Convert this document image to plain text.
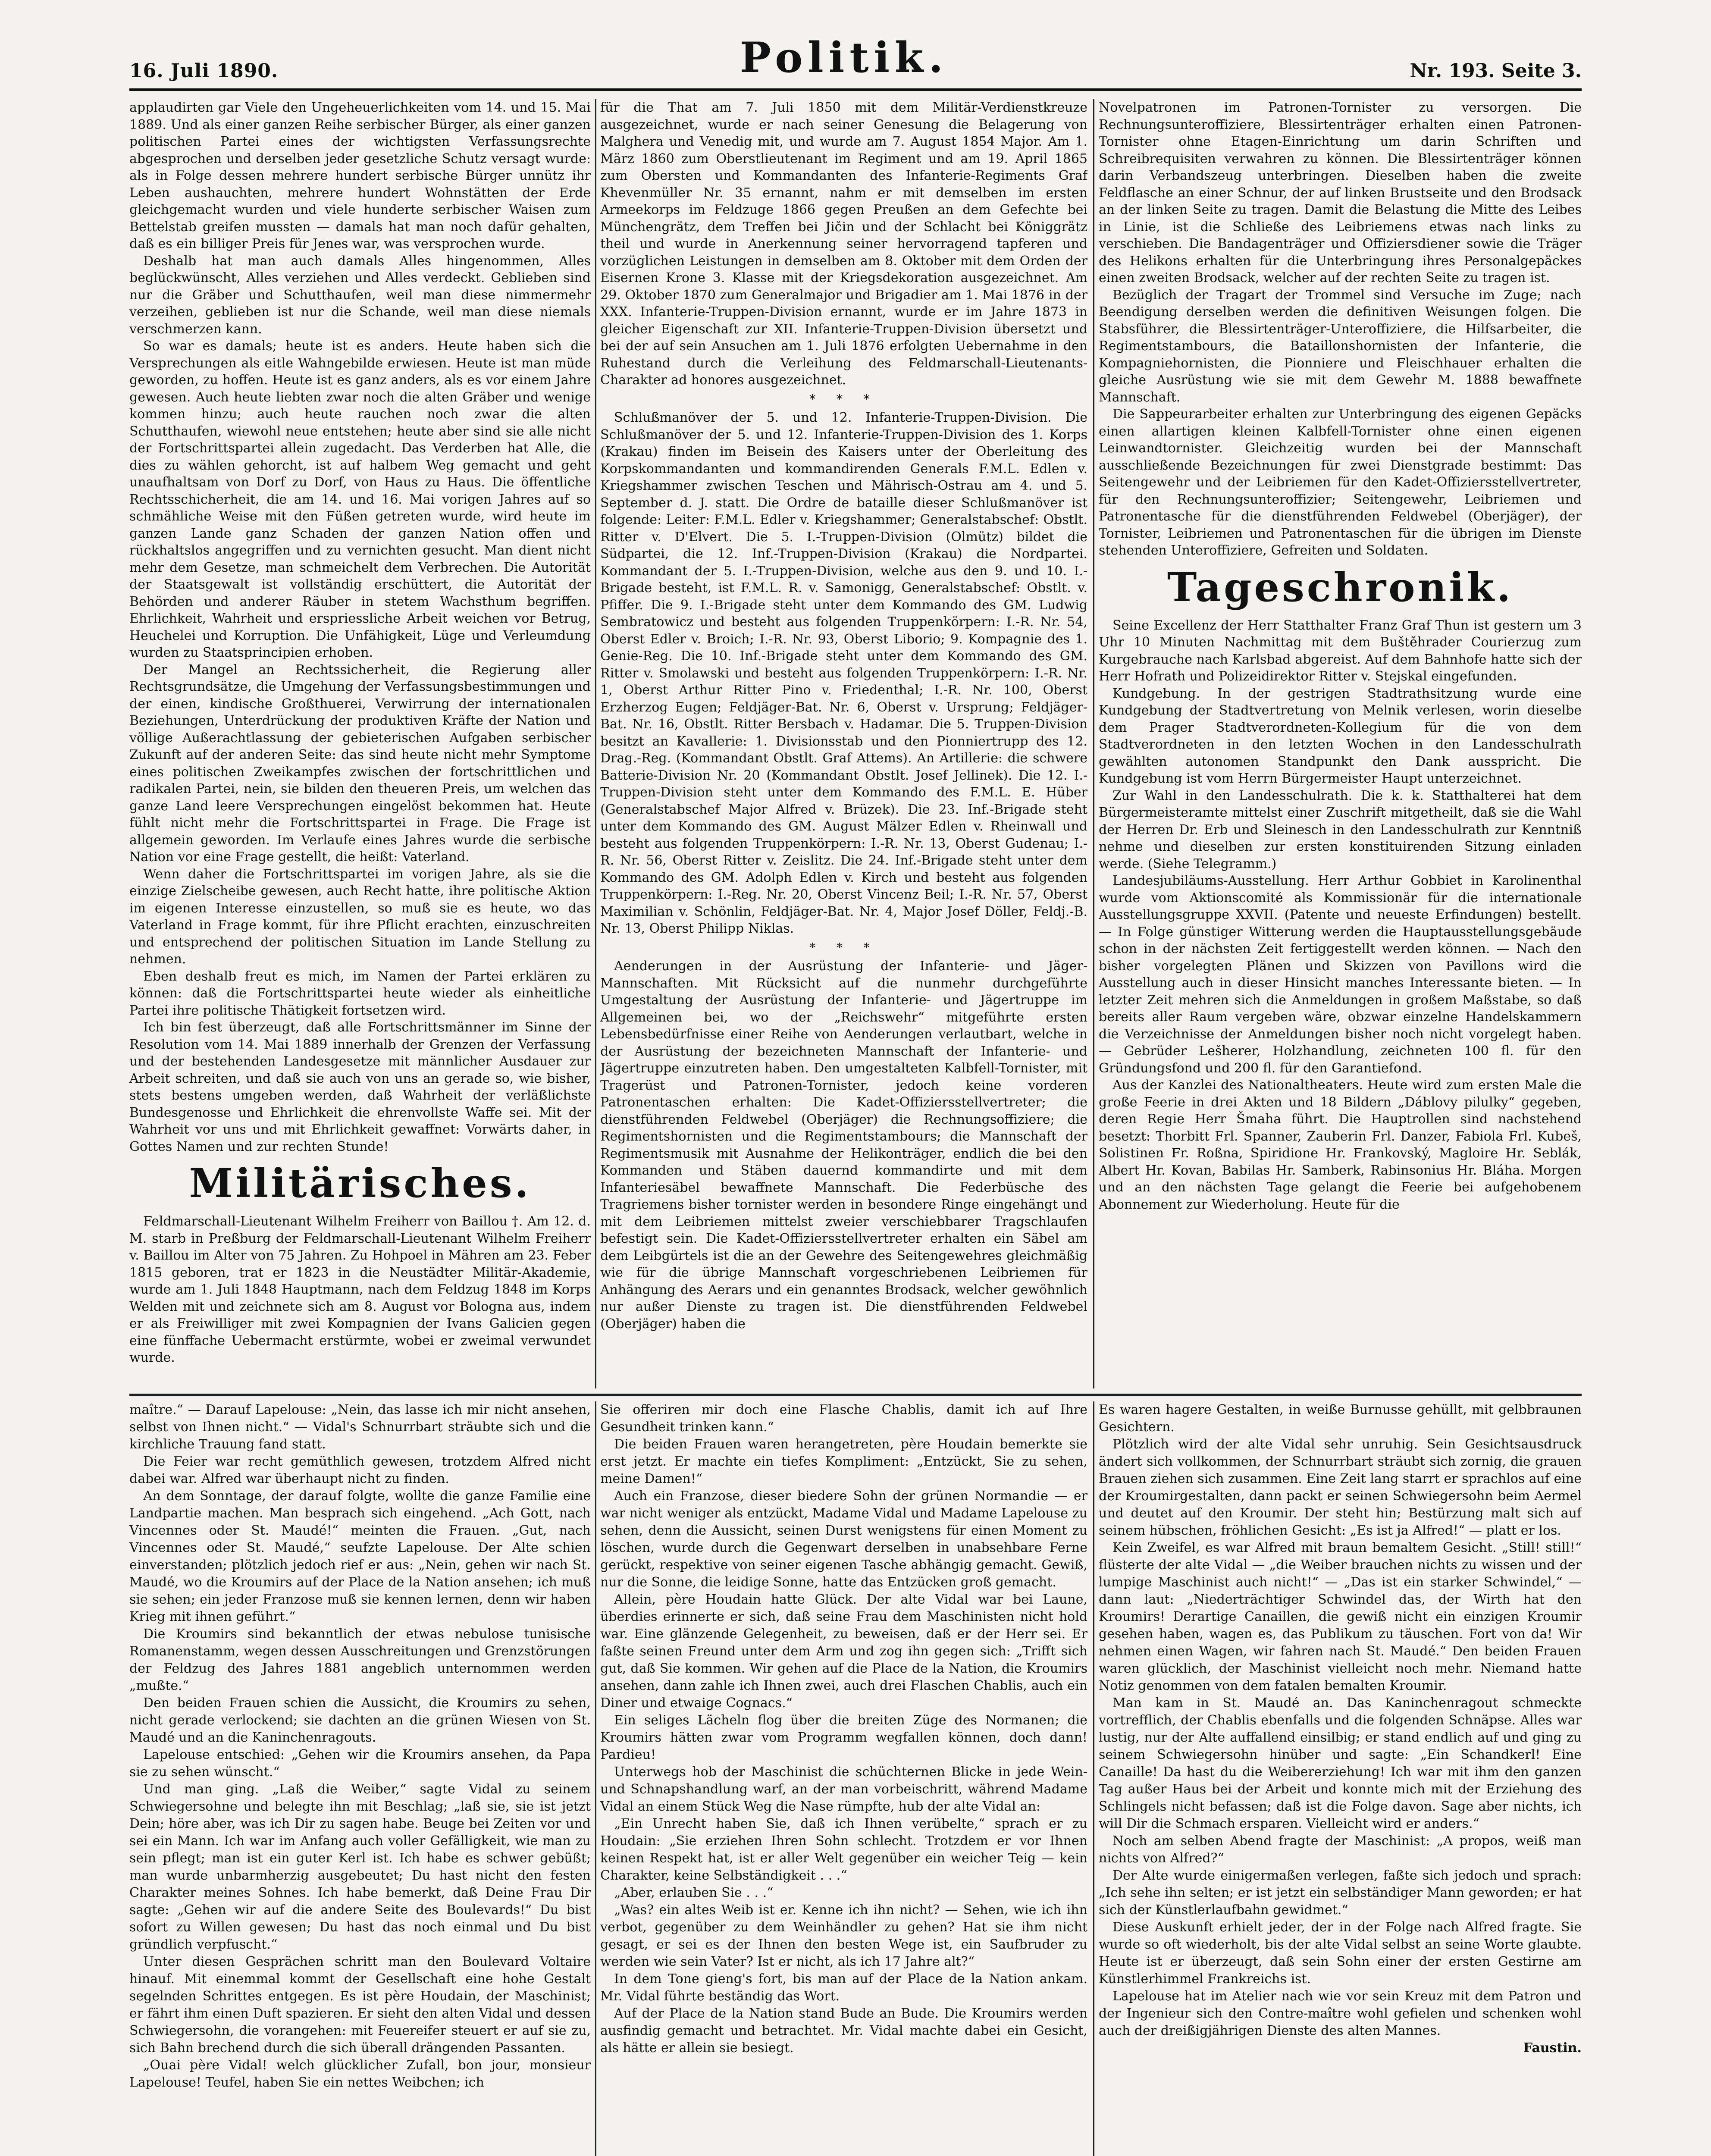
16. Juli 1890.	Politik.	Nr. 193. Seite 3.

applaudirten gar Viele den Ungeheuerlichkeiten vom 14. und 15. Mai 1889. Und als einer ganzen Reihe serbischer Bürger, als einer ganzen politischen Partei eines der wichtigsten Verfassungsrechte abgesprochen und derselben jeder gesetzliche Schutz versagt wurde: als in Folge dessen mehrere hundert serbische Bürger unnütz ihr Leben aushauchten, mehrere hundert Wohnstätten der Erde gleichgemacht wurden und viele hunderte serbischer Waisen zum Bettelstab greifen mussten — damals hat man noch dafür gehalten, daß es ein billiger Preis für Jenes war, was versprochen wurde.

Deshalb hat man auch damals Alles hingenommen, Alles beglückwünscht, Alles verziehen und Alles verdeckt. Geblieben sind nur die Gräber und Schutthaufen, weil man diese nimmermehr verzeihen, geblieben ist nur die Schande, weil man diese niemals verschmerzen kann.

So war es damals; heute ist es anders. Heute haben sich die Versprechungen als eitle Wahngebilde erwiesen. Heute ist man müde geworden, zu hoffen. Heute ist es ganz anders, als es vor einem Jahre gewesen. Auch heute liebten zwar noch die alten Gräber und wenige kommen hinzu; auch heute rauchen noch zwar die alten Schutthaufen, wiewohl neue entstehen; heute aber sind sie alle nicht der Fortschrittspartei allein zugedacht. Das Verderben hat Alle, die dies zu wählen gehorcht, ist auf halbem Weg gemacht und geht unaufhaltsam von Dorf zu Dorf, von Haus zu Haus. Die öffentliche Rechtsschicherheit, die am 14. und 16. Mai vorigen Jahres auf so schmähliche Weise mit den Füßen getreten wurde, wird heute im ganzen Lande ganz Schaden der ganzen Nation offen und rückhaltslos angegriffen und zu vernichten gesucht. Man dient nicht mehr dem Gesetze, man schmeichelt dem Verbrechen. Die Autorität der Staatsgewalt ist vollständig erschüttert, die Autorität der Behörden und anderer Räuber in stetem Wachsthum begriffen. Ehrlichkeit, Wahrheit und erspriessliche Arbeit weichen vor Betrug, Heuchelei und Korruption. Die Unfähigkeit, Lüge und Verleumdung wurden zu Staatsprincipien erhoben.

Der Mangel an Rechtssicherheit, die Regierung aller Rechtsgrundsätze, die Umgehung der Verfassungsbestimmungen und der einen, kindische Großthuerei, Verwirrung der internationalen Beziehungen, Unterdrückung der produktiven Kräfte der Nation und völlige Außerachtlassung der gebieterischen Aufgaben serbischer Zukunft auf der anderen Seite: das sind heute nicht mehr Symptome eines politischen Zweikampfes zwischen der fortschrittlichen und radikalen Partei, nein, sie bilden den theueren Preis, um welchen das ganze Land leere Versprechungen eingelöst bekommen hat. Heute fühlt nicht mehr die Fortschrittspartei in Frage. Die Frage ist allgemein geworden. Im Verlaufe eines Jahres wurde die serbische Nation vor eine Frage gestellt, die heißt: Vaterland.

Wenn daher die Fortschrittspartei im vorigen Jahre, als sie die einzige Zielscheibe gewesen, auch Recht hatte, ihre politische Aktion im eigenen Interesse einzustellen, so muß sie es heute, wo das Vaterland in Frage kommt, für ihre Pflicht erachten, einzuschreiten und entsprechend der politischen Situation im Lande Stellung zu nehmen.

Eben deshalb freut es mich, im Namen der Partei erklären zu können: daß die Fortschrittspartei heute wieder als einheitliche Partei ihre politische Thätigkeit fortsetzen wird.

Ich bin fest überzeugt, daß alle Fortschrittsmänner im Sinne der Resolution vom 14. Mai 1889 innerhalb der Grenzen der Verfassung und der bestehenden Landesgesetze mit männlicher Ausdauer zur Arbeit schreiten, und daß sie auch von uns an gerade so, wie bisher, stets bestens umgeben werden, daß Wahrheit der verläßlichste Bundesgenosse und Ehrlichkeit die ehrenvollste Waffe sei. Mit der Wahrheit vor uns und mit Ehrlichkeit gewaffnet: Vorwärts daher, in Gottes Namen und zur rechten Stunde!

Militärisches.

Feldmarschall-Lieutenant Wilhelm Freiherr von Baillou †. Am 12. d. M. starb in Preßburg der Feldmarschall-Lieutenant Wilhelm Freiherr v. Baillou im Alter von 75 Jahren. Zu Hohpoel in Mähren am 23. Feber 1815 geboren, trat er 1823 in die Neustädter Militär-Akademie, wurde am 1. Juli 1848 Hauptmann, nach dem Feldzug 1848 im Korps Welden mit und zeichnete sich am 8. August vor Bologna aus, indem er als Freiwilliger mit zwei Kompagnien der Ivans Galicien gegen eine fünffache Uebermacht erstürmte, wobei er zweimal verwundet wurde.

für die That am 7. Juli 1850 mit dem Militär-Verdienstkreuze ausgezeichnet, wurde er nach seiner Genesung die Belagerung von Malghera und Venedig mit, und wurde am 7. August 1854 Major. Am 1. März 1860 zum Oberstlieutenant im Regiment und am 19. April 1865 zum Obersten und Kommandanten des Infanterie-Regiments Graf Khevenmüller Nr. 35 ernannt, nahm er mit demselben im ersten Armeekorps im Feldzuge 1866 gegen Preußen an dem Gefechte bei Münchengrätz, dem Treffen bei Jičin und der Schlacht bei Königgrätz theil und wurde in Anerkennung seiner hervorragend tapferen und vorzüglichen Leistungen in demselben am 8. Oktober mit dem Orden der Eisernen Krone 3. Klasse mit der Kriegsdekoration ausgezeichnet. Am 29. Oktober 1870 zum Generalmajor und Brigadier am 1. Mai 1876 in der XXX. Infanterie-Truppen-Division ernannt, wurde er im Jahre 1873 in gleicher Eigenschaft zur XII. Infanterie-Truppen-Division übersetzt und bei der auf sein Ansuchen am 1. Juli 1876 erfolgten Uebernahme in den Ruhestand durch die Verleihung des Feldmarschall-Lieutenants-Charakter ad honores ausgezeichnet.

* * *

Schlußmanöver der 5. und 12. Infanterie-Truppen-Division. Die Schlußmanöver der 5. und 12. Infanterie-Truppen-Division des 1. Korps (Krakau) finden im Beisein des Kaisers unter der Oberleitung des Korpskommandanten und kommandirenden Generals F.M.L. Edlen v. Kriegshammer zwischen Teschen und Mährisch-Ostrau am 4. und 5. September d. J. statt. Die Ordre de bataille dieser Schlußmanöver ist folgende: Leiter: F.M.L. Edler v. Kriegshammer; Generalstabschef: Obstlt. Ritter v. D'Elvert. Die 5. I.-Truppen-Division (Olmütz) bildet die Südpartei, die 12. Inf.-Truppen-Division (Krakau) die Nordpartei. Kommandant der 5. I.-Truppen-Division, welche aus den 9. und 10. I.-Brigade besteht, ist F.M.L. R. v. Samonigg, Generalstabschef: Obstlt. v. Pfiffer. Die 9. I.-Brigade steht unter dem Kommando des GM. Ludwig Sembratowicz und besteht aus folgenden Truppenkörpern: I.-R. Nr. 54, Oberst Edler v. Broich; I.-R. Nr. 93, Oberst Liborio; 9. Kompagnie des 1. Genie-Reg. Die 10. Inf.-Brigade steht unter dem Kommando des GM. Ritter v. Smolawski und besteht aus folgenden Truppenkörpern: I.-R. Nr. 1, Oberst Arthur Ritter Pino v. Friedenthal; I.-R. Nr. 100, Oberst Erzherzog Eugen; Feldjäger-Bat. Nr. 6, Oberst v. Ursprung; Feldjäger-Bat. Nr. 16, Obstlt. Ritter Bersbach v. Hadamar. Die 5. Truppen-Division besitzt an Kavallerie: 1. Divisionsstab und den Pionniertrupp des 12. Drag.-Reg. (Kommandant Obstlt. Graf Attems). An Artillerie: die schwere Batterie-Division Nr. 20 (Kommandant Obstlt. Josef Jellinek). Die 12. I.-Truppen-Division steht unter dem Kommando des F.M.L. E. Hüber (Generalstabschef Major Alfred v. Brüzek). Die 23. Inf.-Brigade steht unter dem Kommando des GM. August Mälzer Edlen v. Rheinwall und besteht aus folgenden Truppenkörpern: I.-R. Nr. 13, Oberst Gudenau; I.-R. Nr. 56, Oberst Ritter v. Zeislitz. Die 24. Inf.-Brigade steht unter dem Kommando des GM. Adolph Edlen v. Kirch und besteht aus folgenden Truppenkörpern: I.-Reg. Nr. 20, Oberst Vincenz Beil; I.-R. Nr. 57, Oberst Maximilian v. Schönlin, Feldjäger-Bat. Nr. 4, Major Josef Döller, Feldj.-B. Nr. 13, Oberst Philipp Niklas.

* * *

Aenderungen in der Ausrüstung der Infanterie- und Jäger-Mannschaften. Mit Rücksicht auf die nunmehr durchgeführte Umgestaltung der Ausrüstung der Infanterie- und Jägertruppe im Allgemeinen bei, wo der „Reichswehr“ mitgeführte ersten Lebensbedürfnisse einer Reihe von Aenderungen verlautbart, welche in der Ausrüstung der bezeichneten Mannschaft der Infanterie- und Jägertruppe einzutreten haben. Den umgestalteten Kalbfell-Tornister, mit Tragerüst und Patronen-Tornister, jedoch keine vorderen Patronentaschen erhalten: Die Kadet-Offiziersstellvertreter; die dienstführenden Feldwebel (Oberjäger) die Rechnungsoffiziere; die Regimentshornisten und die Regimentstambours; die Mannschaft der Regimentsmusik mit Ausnahme der Helikonträger, endlich die bei den Kommanden und Stäben dauernd kommandirte und mit dem Infanteriesäbel bewaffnete Mannschaft. Die Federbüsche des Tragriemens bisher tornister werden in besondere Ringe eingehängt und mit dem Leibriemen mittelst zweier verschiebbarer Tragschlaufen befestigt sein. Die Kadet-Offiziersstellvertreter erhalten ein Säbel am dem Leibgürtels ist die an der Gewehre des Seitengewehres gleichmäßig wie für die übrige Mannschaft vorgeschriebenen Leibriemen für Anhängung des Aerars und ein genanntes Brodsack, welcher gewöhnlich nur außer Dienste zu tragen ist. Die dienstführenden Feldwebel (Oberjäger) haben die

Novelpatronen im Patronen-Tornister zu versorgen. Die Rechnungsunteroffiziere, Blessirtenträger erhalten einen Patronen-Tornister ohne Etagen-Einrichtung um darin Schriften und Schreibrequisiten verwahren zu können. Die Blessirtenträger können darin Verbandszeug unterbringen. Dieselben haben die zweite Feldflasche an einer Schnur, der auf linken Brustseite und den Brodsack an der linken Seite zu tragen. Damit die Belastung die Mitte des Leibes in Linie, ist die Schließe des Leibriemens etwas nach links zu verschieben. Die Bandagenträger und Offiziersdiener sowie die Träger des Helikons erhalten für die Unterbringung ihres Personalgepäckes einen zweiten Brodsack, welcher auf der rechten Seite zu tragen ist.

Bezüglich der Tragart der Trommel sind Versuche im Zuge; nach Beendigung derselben werden die definitiven Weisungen folgen. Die Stabsführer, die Blessirtenträger-Unteroffiziere, die Hilfsarbeiter, die Regimentstambours, die Bataillonshornisten der Infanterie, die Kompagniehornisten, die Pionniere und Fleischhauer erhalten die gleiche Ausrüstung wie sie mit dem Gewehr M. 1888 bewaffnete Mannschaft.

Die Sappeurarbeiter erhalten zur Unterbringung des eigenen Gepäcks einen allartigen kleinen Kalbfell-Tornister ohne einen eigenen Leinwandtornister. Gleichzeitig wurden bei der Mannschaft ausschließende Bezeichnungen für zwei Dienstgrade bestimmt: Das Seitengewehr und der Leibriemen für den Kadet-Offiziersstellvertreter, für den Rechnungsunteroffizier; Seitengewehr, Leibriemen und Patronentasche für die dienstführenden Feldwebel (Oberjäger), der Tornister, Leibriemen und Patronentaschen für die übrigen im Dienste stehenden Unteroffiziere, Gefreiten und Soldaten.

Tageschronik.

Seine Excellenz der Herr Statthalter Franz Graf Thun ist gestern um 3 Uhr 10 Minuten Nachmittag mit dem Buštěhrader Courierzug zum Kurgebrauche nach Karlsbad abgereist. Auf dem Bahnhofe hatte sich der Herr Hofrath und Polizeidirektor Ritter v. Stejskal eingefunden.

Kundgebung. In der gestrigen Stadtrathsitzung wurde eine Kundgebung der Stadtvertretung von Melnik verlesen, worin dieselbe dem Prager Stadtverordneten-Kollegium für die von dem Stadtverordneten in den letzten Wochen in den Landesschulrath gewählten autonomen Standpunkt den Dank ausspricht. Die Kundgebung ist vom Herrn Bürgermeister Haupt unterzeichnet.

Zur Wahl in den Landesschulrath. Die k. k. Statthalterei hat dem Bürgermeisteramte mittelst einer Zuschrift mitgetheilt, daß sie die Wahl der Herren Dr. Erb und Sleinesch in den Landesschulrath zur Kenntniß nehme und dieselben zur ersten konstituirenden Sitzung einladen werde. (Siehe Telegramm.)

Landesjubiläums-Ausstellung. Herr Arthur Gobbiet in Karolinenthal wurde vom Aktionscomité als Kommissionär für die internationale Ausstellungsgruppe XXVII. (Patente und neueste Erfindungen) bestellt. — In Folge günstiger Witterung werden die Hauptausstellungsgebäude schon in der nächsten Zeit fertiggestellt werden können. — Nach den bisher vorgelegten Plänen und Skizzen von Pavillons wird die Ausstellung auch in dieser Hinsicht manches Interessante bieten. — In letzter Zeit mehren sich die Anmeldungen in großem Maßstabe, so daß bereits aller Raum vergeben wäre, obzwar einzelne Handelskammern die Verzeichnisse der Anmeldungen bisher noch nicht vorgelegt haben. — Gebrüder Lešherer, Holzhandlung, zeichneten 100 fl. für den Gründungsfond und 200 fl. für den Garantiefond.

Aus der Kanzlei des Nationaltheaters. Heute wird zum ersten Male die große Feerie in drei Akten und 18 Bildern „Dáblovy pilulky“ gegeben, deren Regie Herr Šmaha führt. Die Hauptrollen sind nachstehend besetzt: Thorbitt Frl. Spanner, Zauberin Frl. Danzer, Fabiola Frl. Kubeš, Solistinen Fr. Roßna, Spiridione Hr. Frankovský, Magloire Hr. Seblák, Albert Hr. Kovan, Babilas Hr. Samberk, Rabinsonius Hr. Bláha. Morgen und an den nächsten Tage gelangt die Feerie bei aufgehobenem Abonnement zur Wiederholung. Heute für die

maître.“ — Darauf Lapelouse: „Nein, das lasse ich mir nicht ansehen, selbst von Ihnen nicht.“ — Vidal's Schnurrbart sträubte sich und die kirchliche Trauung fand statt.

Die Feier war recht gemüthlich gewesen, trotzdem Alfred nicht dabei war. Alfred war überhaupt nicht zu finden.

An dem Sonntage, der darauf folgte, wollte die ganze Familie eine Landpartie machen. Man besprach sich eingehend. „Ach Gott, nach Vincennes oder St. Maudé!“ meinten die Frauen. „Gut, nach Vincennes oder St. Maudé,“ seufzte Lapelouse. Der Alte schien einverstanden; plötzlich jedoch rief er aus: „Nein, gehen wir nach St. Maudé, wo die Kroumirs auf der Place de la Nation ansehen; ich muß sie sehen; ein jeder Franzose muß sie kennen lernen, denn wir haben Krieg mit ihnen geführt.“

Die Kroumirs sind bekanntlich der etwas nebulose tunisische Romanenstamm, wegen dessen Ausschreitungen und Grenzstörungen der Feldzug des Jahres 1881 angeblich unternommen werden „mußte.“

Den beiden Frauen schien die Aussicht, die Kroumirs zu sehen, nicht gerade verlockend; sie dachten an die grünen Wiesen von St. Maudé und an die Kaninchenragouts.

Lapelouse entschied: „Gehen wir die Kroumirs ansehen, da Papa sie zu sehen wünscht.“

Und man ging. „Laß die Weiber,“ sagte Vidal zu seinem Schwiegersohne und belegte ihn mit Beschlag; „laß sie, sie ist jetzt Dein; höre aber, was ich Dir zu sagen habe. Beuge bei Zeiten vor und sei ein Mann. Ich war im Anfang auch voller Gefälligkeit, wie man zu sein pflegt; man ist ein guter Kerl ist. Ich habe es schwer gebüßt; man wurde unbarmherzig ausgebeutet; Du hast nicht den festen Charakter meines Sohnes. Ich habe bemerkt, daß Deine Frau Dir sagte: „Gehen wir auf die andere Seite des Boulevards!“ Du bist sofort zu Willen gewesen; Du hast das noch einmal und Du bist gründlich verpfuscht.“

Unter diesen Gesprächen schritt man den Boulevard Voltaire hinauf. Mit einemmal kommt der Gesellschaft eine hohe Gestalt segelnden Schrittes entgegen. Es ist père Houdain, der Maschinist; er fährt ihm einen Duft spazieren. Er sieht den alten Vidal und dessen Schwiegersohn, die vorangehen: mit Feuereifer steuert er auf sie zu, sich Bahn brechend durch die sich überall drängenden Passanten.

„Ouai père Vidal! welch glücklicher Zufall, bon jour, monsieur Lapelouse! Teufel, haben Sie ein nettes Weibchen; ich

Sie offeriren mir doch eine Flasche Chablis, damit ich auf Ihre Gesundheit trinken kann.“

Die beiden Frauen waren herangetreten, père Houdain bemerkte sie erst jetzt. Er machte ein tiefes Kompliment: „Entzückt, Sie zu sehen, meine Damen!“

Auch ein Franzose, dieser biedere Sohn der grünen Normandie — er war nicht weniger als entzückt, Madame Vidal und Madame Lapelouse zu sehen, denn die Aussicht, seinen Durst wenigstens für einen Moment zu löschen, wurde durch die Gegenwart derselben in unabsehbare Ferne gerückt, respektive von seiner eigenen Tasche abhängig gemacht. Gewiß, nur die Sonne, die leidige Sonne, hatte das Entzücken groß gemacht.

Allein, père Houdain hatte Glück. Der alte Vidal war bei Laune, überdies erinnerte er sich, daß seine Frau dem Maschinisten nicht hold war. Eine glänzende Gelegenheit, zu beweisen, daß er der Herr sei. Er faßte seinen Freund unter dem Arm und zog ihn gegen sich: „Trifft sich gut, daß Sie kommen. Wir gehen auf die Place de la Nation, die Kroumirs ansehen, dann zahle ich Ihnen zwei, auch drei Flaschen Chablis, auch ein Diner und etwaige Cognacs.“

Ein seliges Lächeln flog über die breiten Züge des Normanen; die Kroumirs hätten zwar vom Programm wegfallen können, doch dann! Pardieu!

Unterwegs hob der Maschinist die schüchternen Blicke in jede Wein- und Schnapshandlung warf, an der man vorbeischritt, während Madame Vidal an einem Stück Weg die Nase rümpfte, hub der alte Vidal an:

„Ein Unrecht haben Sie, daß ich Ihnen verübelte,“ sprach er zu Houdain: „Sie erziehen Ihren Sohn schlecht. Trotzdem er vor Ihnen keinen Respekt hat, ist er aller Welt gegenüber ein weicher Teig — kein Charakter, keine Selbständigkeit . . .“

„Aber, erlauben Sie . . .“

„Was? ein altes Weib ist er. Kenne ich ihn nicht? — Sehen, wie ich ihn verbot, gegenüber zu dem Weinhändler zu gehen? Hat sie ihm nicht gesagt, er sei es der Ihnen den besten Wege ist, ein Saufbruder zu werden wie sein Vater? Ist er nicht, als ich 17 Jahre alt?“

In dem Tone gieng's fort, bis man auf der Place de la Nation ankam. Mr. Vidal führte beständig das Wort.

Auf der Place de la Nation stand Bude an Bude. Die Kroumirs werden ausfindig gemacht und betrachtet. Mr. Vidal machte dabei ein Gesicht, als hätte er allein sie besiegt.

Es waren hagere Gestalten, in weiße Burnusse gehüllt, mit gelbbraunen Gesichtern.

Plötzlich wird der alte Vidal sehr unruhig. Sein Gesichtsausdruck ändert sich vollkommen, der Schnurrbart sträubt sich zornig, die grauen Brauen ziehen sich zusammen. Eine Zeit lang starrt er sprachlos auf eine der Kroumirgestalten, dann packt er seinen Schwiegersohn beim Aermel und deutet auf den Kroumir. Der steht hin; Bestürzung malt sich auf seinem hübschen, fröhlichen Gesicht: „Es ist ja Alfred!“ — platt er los.

Kein Zweifel, es war Alfred mit braun bemaltem Gesicht. „Still! still!“ flüsterte der alte Vidal — „die Weiber brauchen nichts zu wissen und der lumpige Maschinist auch nicht!“ — „Das ist ein starker Schwindel,“ — dann laut: „Niederträchtiger Schwindel das, der Wirth hat den Kroumirs! Derartige Canaillen, die gewiß nicht ein einzigen Kroumir gesehen haben, wagen es, das Publikum zu täuschen. Fort von da! Wir nehmen einen Wagen, wir fahren nach St. Maudé.“ Den beiden Frauen waren glücklich, der Maschinist vielleicht noch mehr. Niemand hatte Notiz genommen von dem fatalen bemalten Kroumir.

Man kam in St. Maudé an. Das Kaninchenragout schmeckte vortrefflich, der Chablis ebenfalls und die folgenden Schnäpse. Alles war lustig, nur der Alte auffallend einsilbig; er stand endlich auf und ging zu seinem Schwiegersohn hinüber und sagte: „Ein Schandkerl! Eine Canaille! Da hast du die Weibererziehung! Ich war mit ihm den ganzen Tag außer Haus bei der Arbeit und konnte mich mit der Erziehung des Schlingels nicht befassen; daß ist die Folge davon. Sage aber nichts, ich will Dir die Schmach ersparen. Vielleicht wird er anders.“

Noch am selben Abend fragte der Maschinist: „A propos, weiß man nichts von Alfred?“

Der Alte wurde einigermaßen verlegen, faßte sich jedoch und sprach: „Ich sehe ihn selten; er ist jetzt ein selbständiger Mann geworden; er hat sich der Künstlerlaufbahn gewidmet.“

Diese Auskunft erhielt jeder, der in der Folge nach Alfred fragte. Sie wurde so oft wiederholt, bis der alte Vidal selbst an seine Worte glaubte. Heute ist er überzeugt, daß sein Sohn einer der ersten Gestirne am Künstlerhimmel Frankreichs ist.

Lapelouse hat im Atelier nach wie vor sein Kreuz mit dem Patron und der Ingenieur sich den Contre-maître wohl gefielen und schenken wohl auch der dreißigjährigen Dienste des alten Mannes.

Faustin.
